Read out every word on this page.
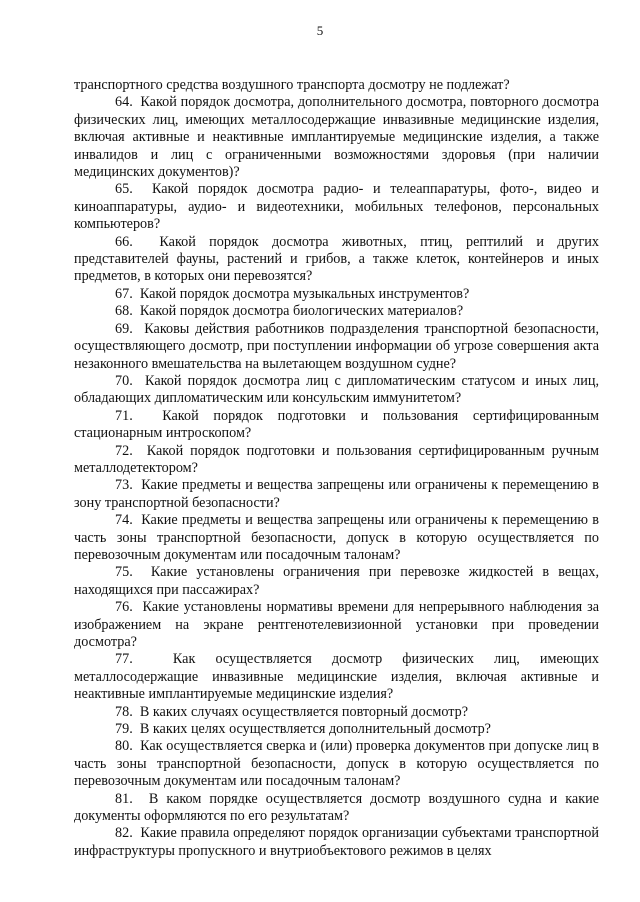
5

транспортного средства воздушного транспорта досмотру не подлежат?

64.  Какой порядок досмотра, дополнительного досмотра, повторного досмотра физических лиц, имеющих металлосодержащие инвазивные медицинские изделия, включая активные и неактивные имплантируемые медицинские изделия, а также инвалидов и лиц с ограниченными возможностями здоровья (при наличии медицинских документов)?

65.  Какой порядок досмотра радио- и телеаппаратуры, фото-, видео и киноаппаратуры, аудио- и видеотехники, мобильных телефонов, персональных компьютеров?

66.  Какой порядок досмотра животных, птиц, рептилий и других представителей фауны, растений и грибов, а также клеток, контейнеров и иных предметов, в которых они перевозятся?

67.  Какой порядок досмотра музыкальных инструментов?

68.  Какой порядок досмотра биологических материалов?

69.  Каковы действия работников подразделения транспортной безопасности, осуществляющего досмотр, при поступлении информации об угрозе совершения акта незаконного вмешательства на вылетающем воздушном судне?

70.  Какой порядок досмотра лиц с дипломатическим статусом и иных лиц, обладающих дипломатическим или консульским иммунитетом?

71.  Какой порядок подготовки и пользования сертифицированным стационарным интроскопом?

72.  Какой порядок подготовки и пользования сертифицированным ручным металлодетектором?

73.  Какие предметы и вещества запрещены или ограничены к перемещению в зону транспортной безопасности?

74.  Какие предметы и вещества запрещены или ограничены к перемещению в часть зоны транспортной безопасности, допуск в которую осуществляется по перевозочным документам или посадочным талонам?

75.  Какие установлены ограничения при перевозке жидкостей в вещах, находящихся при пассажирах?

76.  Какие установлены нормативы времени для непрерывного наблюдения за изображением на экране рентгенотелевизионной установки при проведении досмотра?

77.  Как осуществляется досмотр физических лиц, имеющих металлосодержащие инвазивные медицинские изделия, включая активные и неактивные имплантируемые медицинские изделия?

78.  В каких случаях осуществляется повторный досмотр?

79.  В каких целях осуществляется дополнительный досмотр?

80.  Как осуществляется сверка и (или) проверка документов при допуске лиц в часть зоны транспортной безопасности, допуск в которую осуществляется по перевозочным документам или посадочным талонам?

81.  В каком порядке осуществляется досмотр воздушного судна и какие документы оформляются по его результатам?

82.  Какие правила определяют порядок организации субъектами транспортной инфраструктуры пропускного и внутриобъектового режимов в целях
